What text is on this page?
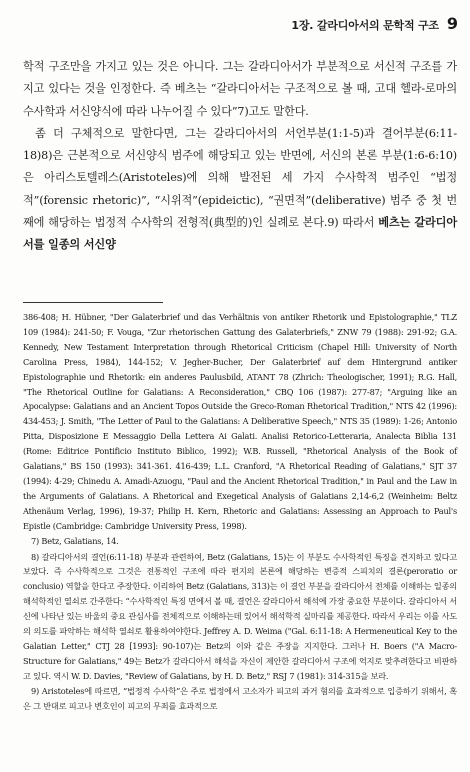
1장. 갈라디아서의 문학적 구조 9

학적 구조만을 가지고 있는 것은 아니다. 그는 갈라디아서가 부분적으로 서신적 구조를 가지고 있다는 것을 인정한다. 즉 베츠는 “갈라디아서는 구조적으로 볼 때, 고대 헬라-로마의 수사학과 서신양식에 따라 나누어질 수 있다”7)고도 말한다.

좀 더 구체적으로 말한다면, 그는 갈라디아서의 서언부분(1:1-5)과 결어부분(6:11-18)8)은 근본적으로 서신양식 범주에 해당되고 있는 반면에, 서신의 본론 부분(1:6-6:10)은 아리스토텔레스(Aristoteles)에 의해 발전된 세 가지 수사학적 범주인 “법정적”(forensic rhetoric)”, “시위적”(epideictic), “권면적”(deliberative) 범주 중 첫 번째에 해당하는 법정적 수사학의 전형적(典型的)인 실례로 본다.9) 따라서 베츠는 갈라디아서를 일종의 서신양

386-408; H. Hübner, "Der Galaterbrief und das Verhältnis von antiker Rhetorik und Epistolographie," TLZ 109 (1984): 241-50; F. Vouga, "Zur rhetorischen Gattung des Galaterbriefs," ZNW 79 (1988): 291-92; G.A. Kennedy, New Testament Interpretation through Rhetorical Criticism (Chapel Hill: University of North Carolina Press, 1984), 144-152; V. Jegher-Bucher, Der Galaterbrief auf dem Hintergrund antiker Epistolographie und Rhetorik: ein anderes Paulusbild, ATANT 78 (Zhrich: Theologischer, 1991); R.G. Hall, "The Rhetorical Outline for Galatians: A Reconsideration," CBQ 106 (1987): 277-87; "Arguing like an Apocalypse: Galatians and an Ancient Topos Outside the Greco-Roman Rhetorical Tradition," NTS 42 (1996): 434-453; J. Smith, "The Letter of Paul to the Galatians: A Deliberative Speech," NTS 35 (1989): 1-26; Antonio Pitta, Disposizione E Messaggio Della Lettera Ai Galati. Analisi Retorico-Letteraria, Analecta Biblia 131 (Rome: Editrice Pontificio Instituto Biblico, 1992); W.B. Russell, "Rhetorical Analysis of the Book of Galatians," BS 150 (1993): 341-361. 416-439; L.L. Cranford, "A Rhetorical Reading of Galatians," SJT 37 (1994): 4-29; Chinedu A. Amadi-Azuogu, "Paul and the Ancient Rhetorical Tradition," in Paul and the Law in the Arguments of Galatians. A Rhetorical and Exegetical Analysis of Galatians 2,14-6,2 (Weinheim: Beltz Athenäum Verlag, 1996), 19-37; Philip H. Kern, Rhetoric and Galatians: Assessing an Approach to Paul's Epistle (Cambridge: Cambridge University Press, 1998).

7) Betz, Galatians, 14.

8) 갈라디아서의 결언(6:11-18) 부분과 관련하여, Betz (Galatians, 15)는 이 부분도 수사학적인 특징을 견지하고 있다고 보았다. 즉 수사학적으로 그것은 전통적인 구조에 따라 편지의 본론에 해당하는 변증적 스피치의 결론(peroratio or conclusio) 역할을 한다고 주장한다. 이리하여 Betz (Galatians, 313)는 이 결언 부분을 갈라디아서 전체를 이해하는 일종의 해석학적인 열쇠로 간주한다: “수사학적인 특징 면에서 볼 때, 결언은 갈라디아서 해석에 가장 중요한 부분이다. 갈라디아서 서신에 나타난 있는 바울의 중요 관심사를 전체적으로 이해하는데 있어서 해석학적 실마리를 제공한다. 따라서 우리는 이를 사도의 의도를 파악하는 해석학 열쇠로 활용하여야한다. Jeffrey A. D. Weima ("Gal. 6:11-18: A Hermeneutical Key to the Galatian Letter," CTJ 28 [1993]: 90-107)는 Betz의 이와 같은 주장을 지지한다. 그러나 H. Boers ("A Macro-Structure for Galatians," 49는 Betz가 갈라디아서 해석을 자신이 제안한 갈라디아서 구조에 억지로 맞추려한다고 비판하고 있다. 역시 W. D. Davies, "Review of Galatians, by H. D. Betz," RSJ 7 (1981): 314-315을 보라.

9) Aristoteles에 따르면, “법정적 수사학”은 주로 법정에서 고소자가 피고의 과거 혐의를 효과적으로 입증하기 위해서, 혹은 그 반대로 피고나 변호인이 피고의 무죄를 효과적으로
